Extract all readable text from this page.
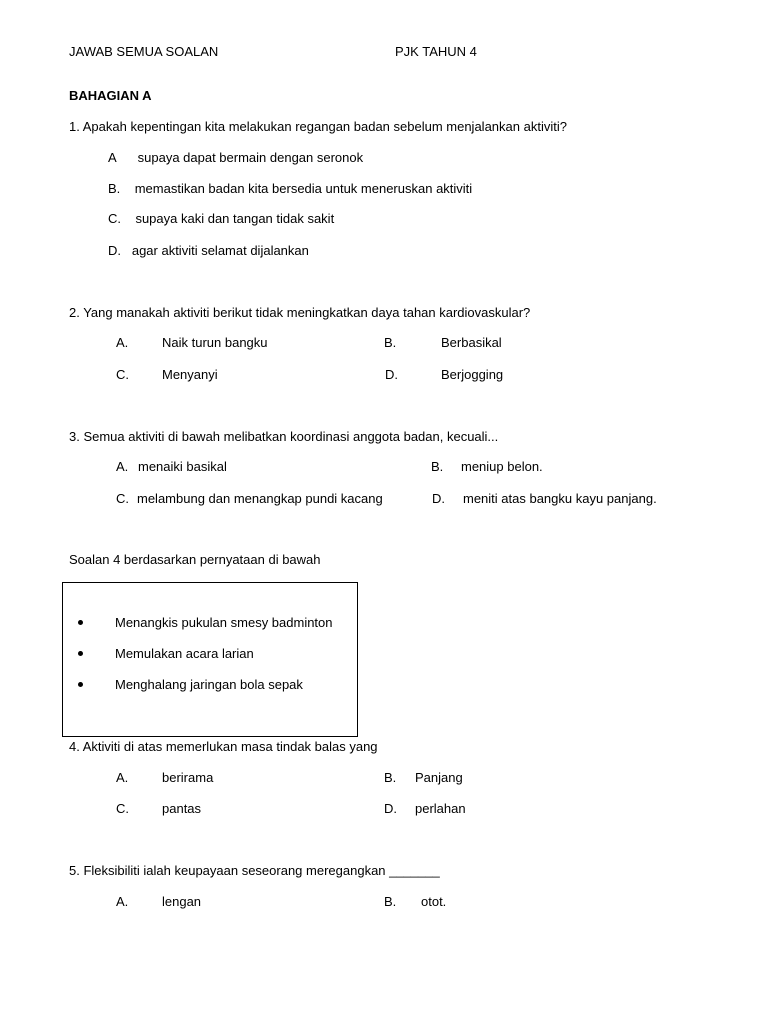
JAWAB SEMUA SOALAN	PJK TAHUN 4
BAHAGIAN A
1. Apakah kepentingan kita melakukan regangan badan sebelum menjalankan aktiviti?
A      supaya dapat bermain dengan seronok
B.    memastikan badan kita bersedia untuk meneruskan aktiviti
C.    supaya kaki dan tangan tidak sakit
D.   agar aktiviti selamat dijalankan
2. Yang manakah aktiviti berikut tidak meningkatkan daya tahan kardiovaskular?
A.	Naik turun bangku	B.	Berbasikal
C.	Menyanyi	D.	Berjogging
3. Semua aktiviti di bawah melibatkan koordinasi anggota badan, kecuali...
A. menaiki basikal	B. meniup belon.
C. melambung dan menangkap pundi kacang	D. meniti atas bangku kayu panjang.
Soalan 4 berdasarkan pernyataan di bawah
Menangkis pukulan smesy badminton
Memulakan acara larian
Menghalang jaringan bola sepak
4. Aktiviti di atas memerlukan masa tindak balas yang
A.	berirama	B. Panjang
C.	pantas	D. perlahan
5. Fleksibiliti ialah keupayaan seseorang meregangkan _______
A.	lengan	B. otot.
